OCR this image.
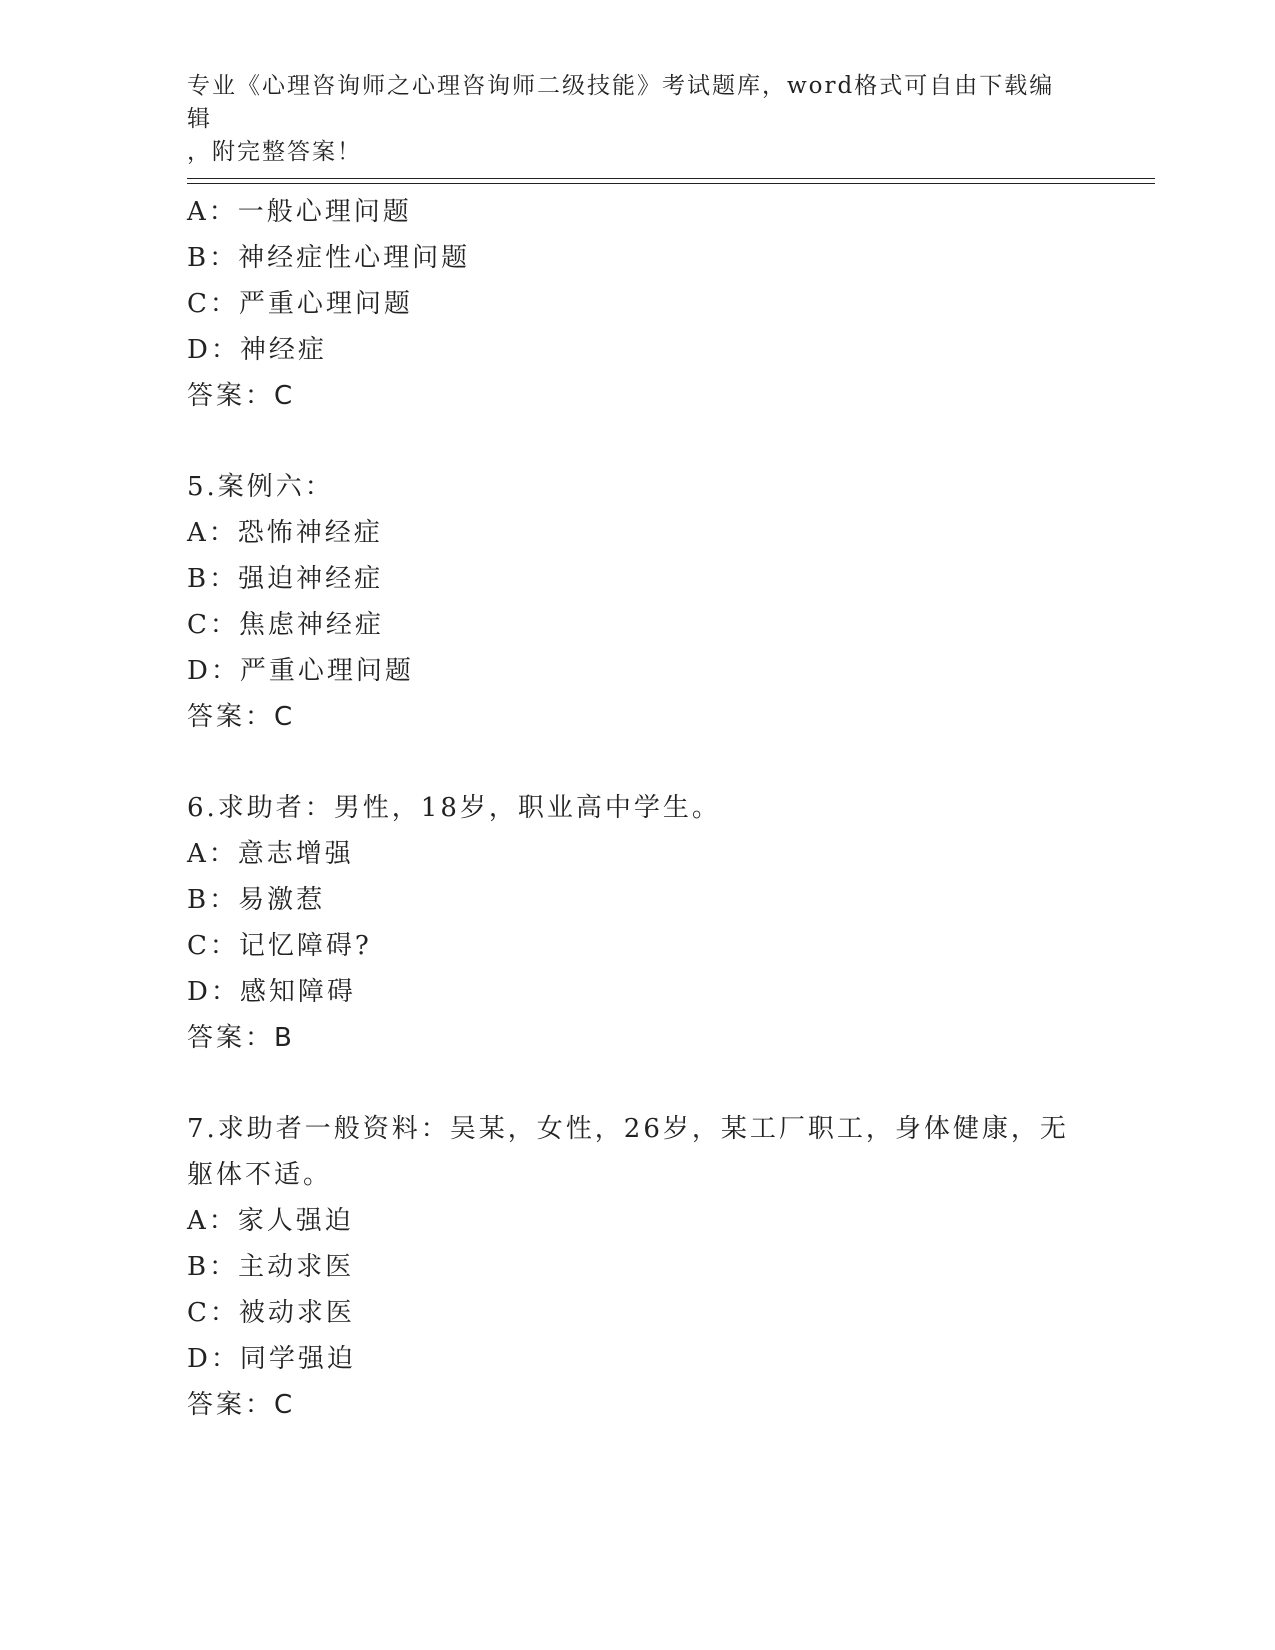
专业《心理咨询师之心理咨询师二级技能》考试题库，word格式可自由下载编辑
，附完整答案！
A：一般心理问题
B：神经症性心理问题
C：严重心理问题
D：神经症
答案：C
5.案例六：
A：恐怖神经症
B：强迫神经症
C：焦虑神经症
D：严重心理问题
答案：C
6.求助者：男性，18岁，职业高中学生。
A：意志增强
B：易激惹
C：记忆障碍?
D：感知障碍
答案：B
7.求助者一般资料：吴某，女性，26岁，某工厂职工，身体健康，无
躯体不适。
A：家人强迫
B：主动求医
C：被动求医
D：同学强迫
答案：C
